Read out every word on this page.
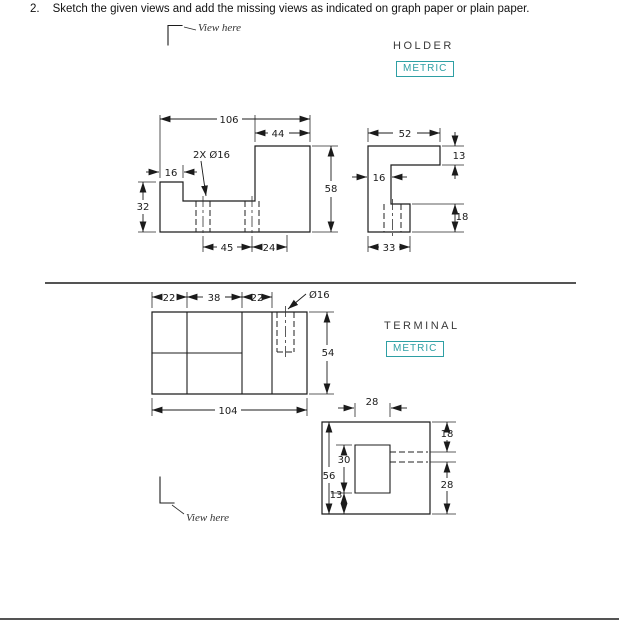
2. Sketch the given views and add the missing views as indicated on graph paper or plain paper.
HOLDER
METRIC
TERMINAL
METRIC
View here
106
44
16
2X Ø16
58
32
45	24
52
13
16
18
33
22	38	22	Ø16
54
104
28
18
28
56
30
13
View here
